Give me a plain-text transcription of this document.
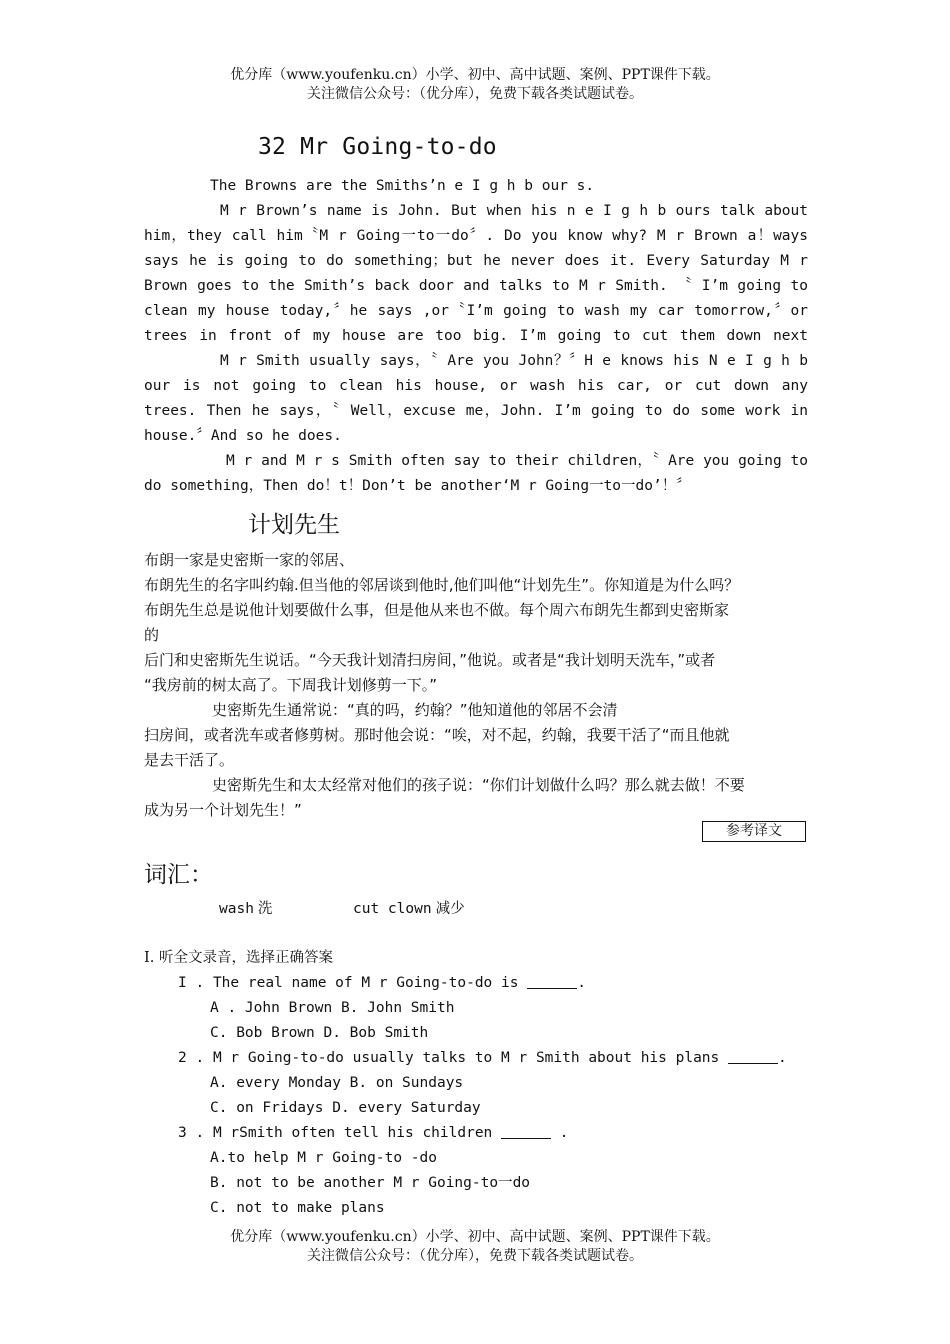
优分库（www.youfenku.cn）小学、初中、高中试题、案例、PPT课件下载。
关注微信公众号：（优分库），免费下载各类试题试卷。
32 Mr Going-to-do
The Browns are the Smiths’n e I g h b our s.
M r Brown’s name is John. But when his n e I g h b ours talk about
him，they call him〝M r Going一to一do〞. Do you know why? M r Brown a！ways
says he is going to do something；but he never does it. Every Saturday M r
Brown goes to the Smith’s back door and talks to M r Smith. 〝 I’m going to
clean my house today,〞he says ,or〝I’m going to wash my car tomorrow,〞or
trees in front of my house are too big. I’m going to cut them down next
M r Smith usually says，〝 Are you John？〞H e knows his N e I g h b
our is not going to clean his house, or wash his car, or cut down any
trees. Then he says，〝 Well，excuse me，John. I’m going to do some work in
house.〞And so he does.
M r and M r s Smith often say to their children，〝 Are you going to
do something，Then do！t！Don’t be another‘M r Going一to一do’！〞
计划先生
布朗一家是史密斯一家的邻居、
布朗先生的名字叫约翰.但当他的邻居谈到他时,他们叫他“计划先生”。你知道是为什么吗？
布朗先生总是说他计划要做什么事，但是他从来也不做。每个周六布朗先生都到史密斯家
的
后门和史密斯先生说话。“今天我计划清扫房间，”他说。或者是“我计划明天洗车，”或者
“我房前的树太高了。下周我计划修剪一下。”
史密斯先生通常说：“真的吗，约翰？”他知道他的邻居不会清
扫房间，或者洗车或者修剪树。那时他会说：“唉，对不起，约翰，我要干活了“而且他就
是去干活了。
史密斯先生和太太经常对他们的孩子说：“你们计划做什么吗？那么就去做！不要
成为另一个计划先生！”
参考译文
词汇：
wash 洗	cut clown 减少
I. 听全文录音，选择正确答案
I . The real name of M r Going-to-do is	.
A . John Brown B. John Smith
C. Bob Brown D. Bob Smith
2 . M r Going-to-do usually talks to M r Smith about his plans	.
A. every Monday B. on Sundays
C. on Fridays D. every Saturday
3 . M rSmith often tell his children	.
A.to help M r Going-to -do
B. not to be another M r Going-to一do
C. not to make plans
优分库（www.youfenku.cn）小学、初中、高中试题、案例、PPT课件下载。
关注微信公众号：（优分库），免费下载各类试题试卷。
